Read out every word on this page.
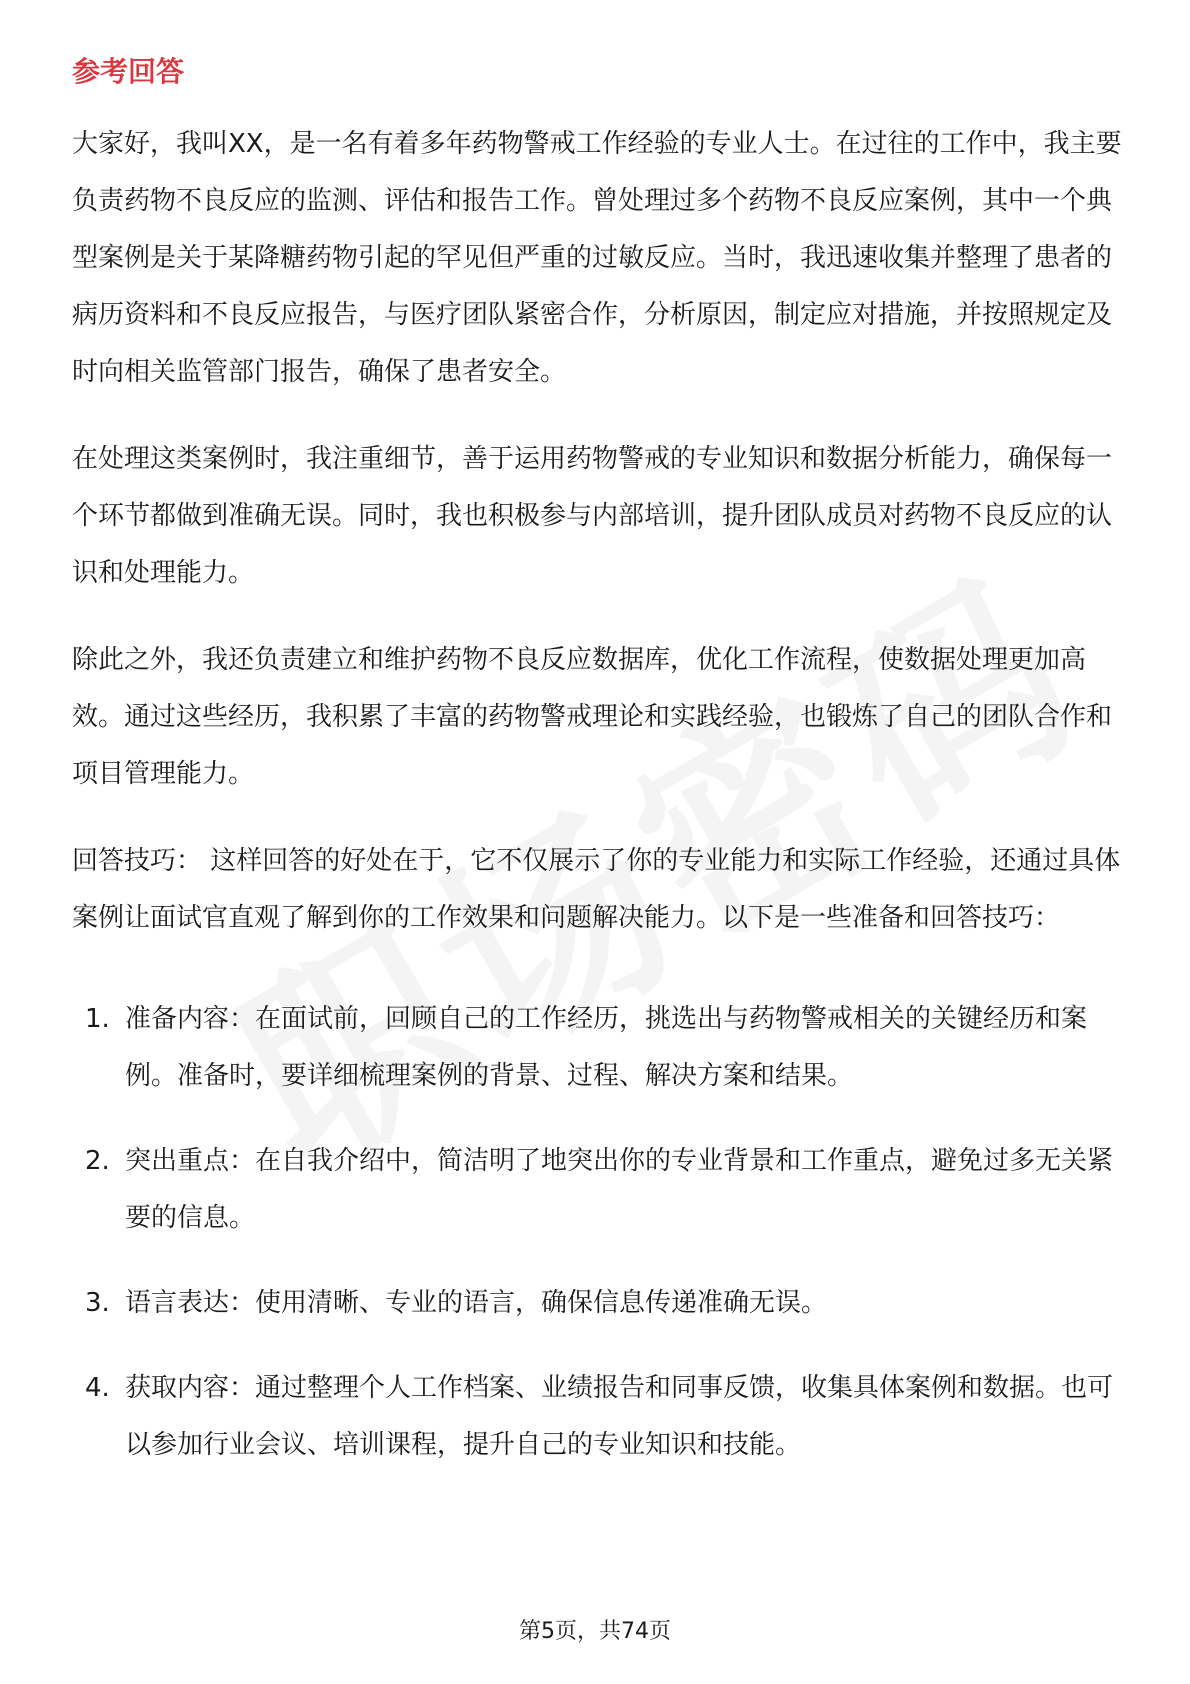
参考回答

大家好，我叫XX，是一名有着多年药物警戒工作经验的专业人士。在过往的工作中，我主要负责药物不良反应的监测、评估和报告工作。曾处理过多个药物不良反应案例，其中一个典型案例是关于某降糖药物引起的罕见但严重的过敏反应。当时，我迅速收集并整理了患者的病历资料和不良反应报告，与医疗团队紧密合作，分析原因，制定应对措施，并按照规定及时向相关监管部门报告，确保了患者安全。

在处理这类案例时，我注重细节，善于运用药物警戒的专业知识和数据分析能力，确保每一个环节都做到准确无误。同时，我也积极参与内部培训，提升团队成员对药物不良反应的认识和处理能力。

除此之外，我还负责建立和维护药物不良反应数据库，优化工作流程，使数据处理更加高效。通过这些经历，我积累了丰富的药物警戒理论和实践经验，也锻炼了自己的团队合作和项目管理能力。

回答技巧： 这样回答的好处在于，它不仅展示了你的专业能力和实际工作经验，还通过具体案例让面试官直观了解到你的工作效果和问题解决能力。以下是一些准备和回答技巧：

1. 准备内容：在面试前，回顾自己的工作经历，挑选出与药物警戒相关的关键经历和案例。准备时，要详细梳理案例的背景、过程、解决方案和结果。
2. 突出重点：在自我介绍中，简洁明了地突出你的专业背景和工作重点，避免过多无关紧要的信息。
3. 语言表达：使用清晰、专业的语言，确保信息传递准确无误。
4. 获取内容：通过整理个人工作档案、业绩报告和同事反馈，收集具体案例和数据。也可以参加行业会议、培训课程，提升自己的专业知识和技能。
第5页，共74页
